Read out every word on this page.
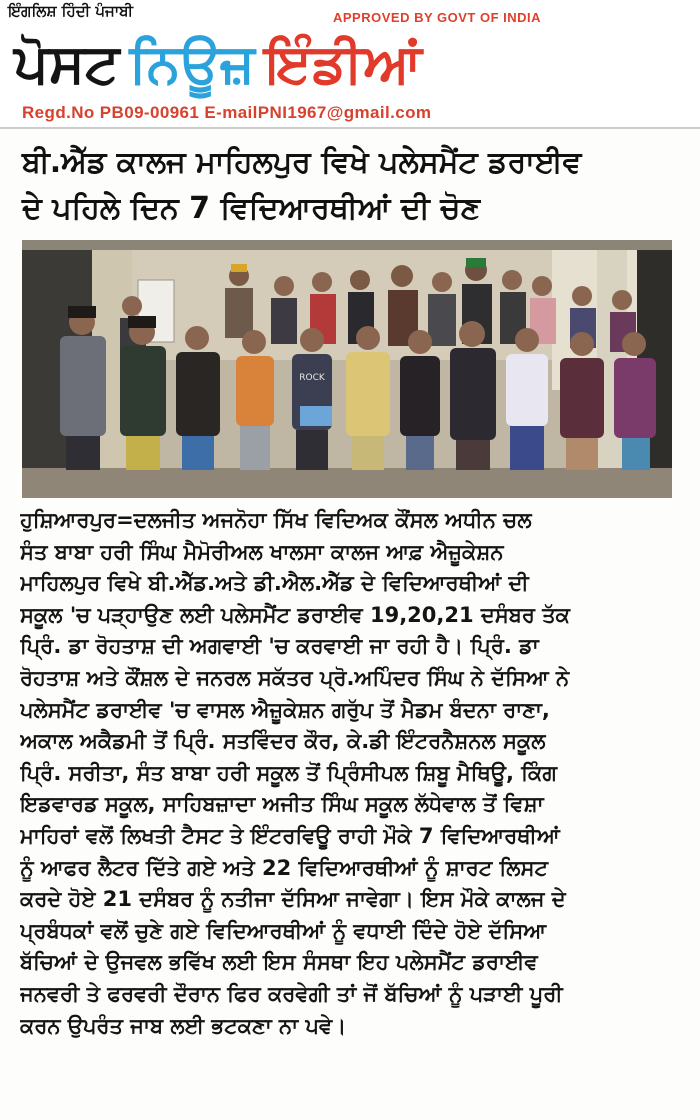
ਇੰਗਲਿਸ਼ ਹਿੰਦੀ ਪੰਜਾਬੀ	APPROVED BY GOVT OF INDIA
ਪੋਸਟ ਨਿਊਜ਼ ਇੰਡੀਆਂ
Regd.No PB09-00961 E-mailPNI1967@gmail.com
ਬੀ.ਐੱਡ ਕਾਲਜ ਮਾਹਿਲਪੁਰ ਵਿਖੇ ਪਲੇਸਮੈਂਟ ਡਰਾਈਵ
ਦੇ ਪਹਿਲੇ ਦਿਨ 7 ਵਿਦਿਆਰਥੀਆਂ ਦੀ ਚੋਣ
ROCK
ਹੁਸ਼ਿਆਰਪੁਰ=ਦਲਜੀਤ ਅਜਨੋਹਾ ਸਿੱਖ ਵਿਦਿਅਕ ਕੌਂਸਲ ਅਧੀਨ ਚਲ
ਸੰਤ ਬਾਬਾ ਹਰੀ ਸਿੰਘ ਮੈਮੋਰੀਅਲ ਖਾਲਸਾ ਕਾਲਜ ਆਫ਼ ਐਜ਼ੂਕੇਸ਼ਨ
ਮਾਹਿਲਪੁਰ ਵਿਖੇ ਬੀ.ਐੱਡ.ਅਤੇ ਡੀ.ਐਲ.ਐੱਡ ਦੇ ਵਿਦਿਆਰਥੀਆਂ ਦੀ
ਸਕੂਲ 'ਚ ਪੜ੍ਹਾਉਣ ਲਈ ਪਲੇਸਮੈਂਟ ਡਰਾਈਵ 19,20,21 ਦਸੰਬਰ ਤੱਕ
ਪ੍ਰਿੰ. ਡਾ ਰੋਹਤਾਸ਼ ਦੀ ਅਗਵਾਈ 'ਚ ਕਰਵਾਈ ਜਾ ਰਹੀ ਹੈ। ਪ੍ਰਿੰ. ਡਾ
ਰੋਹਤਾਸ਼ ਅਤੇ ਕੌਂਸ਼ਲ ਦੇ ਜਨਰਲ ਸਕੱਤਰ ਪ੍ਰੋ.ਅਪਿੰਦਰ ਸਿੰਘ ਨੇ ਦੱਸਿਆ ਨੇ
ਪਲੇਸਮੈਂਟ ਡਰਾਈਵ 'ਚ ਵਾਸਲ ਐਜ਼ੂਕੇਸ਼ਨ ਗਰੁੱਪ ਤੋਂ ਮੈਡਮ ਬੰਦਨਾ ਰਾਣਾ,
ਅਕਾਲ ਅਕੈਡਮੀ ਤੋਂ ਪ੍ਰਿੰ. ਸਤਵਿੰਦਰ ਕੌਰ, ਕੇ.ਡੀ ਇੰਟਰਨੈਸ਼ਨਲ ਸਕੂਲ
ਪ੍ਰਿੰ. ਸਰੀਤਾ, ਸੰਤ ਬਾਬਾ ਹਰੀ ਸਕੂਲ ਤੋਂ ਪ੍ਰਿੰਸੀਪਲ ਸ਼ਿਬੂ ਮੈਥਿਊ, ਕਿੰਗ
ਇਡਵਾਰਡ ਸਕੂਲ, ਸਾਹਿਬਜ਼ਾਦਾ ਅਜੀਤ ਸਿੰਘ ਸਕੂਲ ਲੱਧੇਵਾਲ ਤੋਂ ਵਿਸ਼ਾ
ਮਾਹਿਰਾਂ ਵਲੋਂ ਲਿਖਤੀ ਟੈਸਟ ਤੇ ਇੰਟਰਵਿਊ ਰਾਹੀ ਮੌਕੇ 7 ਵਿਦਿਆਰਥੀਆਂ
ਨੂੰ ਆਫਰ ਲੈਟਰ ਦਿੱਤੇ ਗਏ ਅਤੇ 22 ਵਿਦਿਆਰਥੀਆਂ ਨੂੰ ਸ਼ਾਰਟ ਲਿਸਟ
ਕਰਦੇ ਹੋਏ 21 ਦਸੰਬਰ ਨੂੰ ਨਤੀਜਾ ਦੱਸਿਆ ਜਾਵੇਗਾ। ਇਸ ਮੌਕੇ ਕਾਲਜ ਦੇ
ਪ੍ਰਬੰਧਕਾਂ ਵਲੋਂ ਚੁਣੇ ਗਏ ਵਿਦਿਆਰਥੀਆਂ ਨੂੰ ਵਧਾਈ ਦਿੰਦੇ ਹੋਏ ਦੱਸਿਆ
ਬੱਚਿਆਂ ਦੇ ਉਜਵਲ ਭਵਿੱਖ ਲਈ ਇਸ ਸੰਸਥਾ ਇਹ ਪਲੇਸਮੈਂਟ ਡਰਾਈਵ
ਜਨਵਰੀ ਤੇ ਫਰਵਰੀ ਦੌਰਾਨ ਫਿਰ ਕਰਵੇਗੀ ਤਾਂ ਜੋਂ ਬੱਚਿਆਂ ਨੂੰ ਪੜਾਈ ਪੂਰੀ
ਕਰਨ ਉਪਰੰਤ ਜਾਬ ਲਈ ਭਟਕਣਾ ਨਾ ਪਵੇ।
